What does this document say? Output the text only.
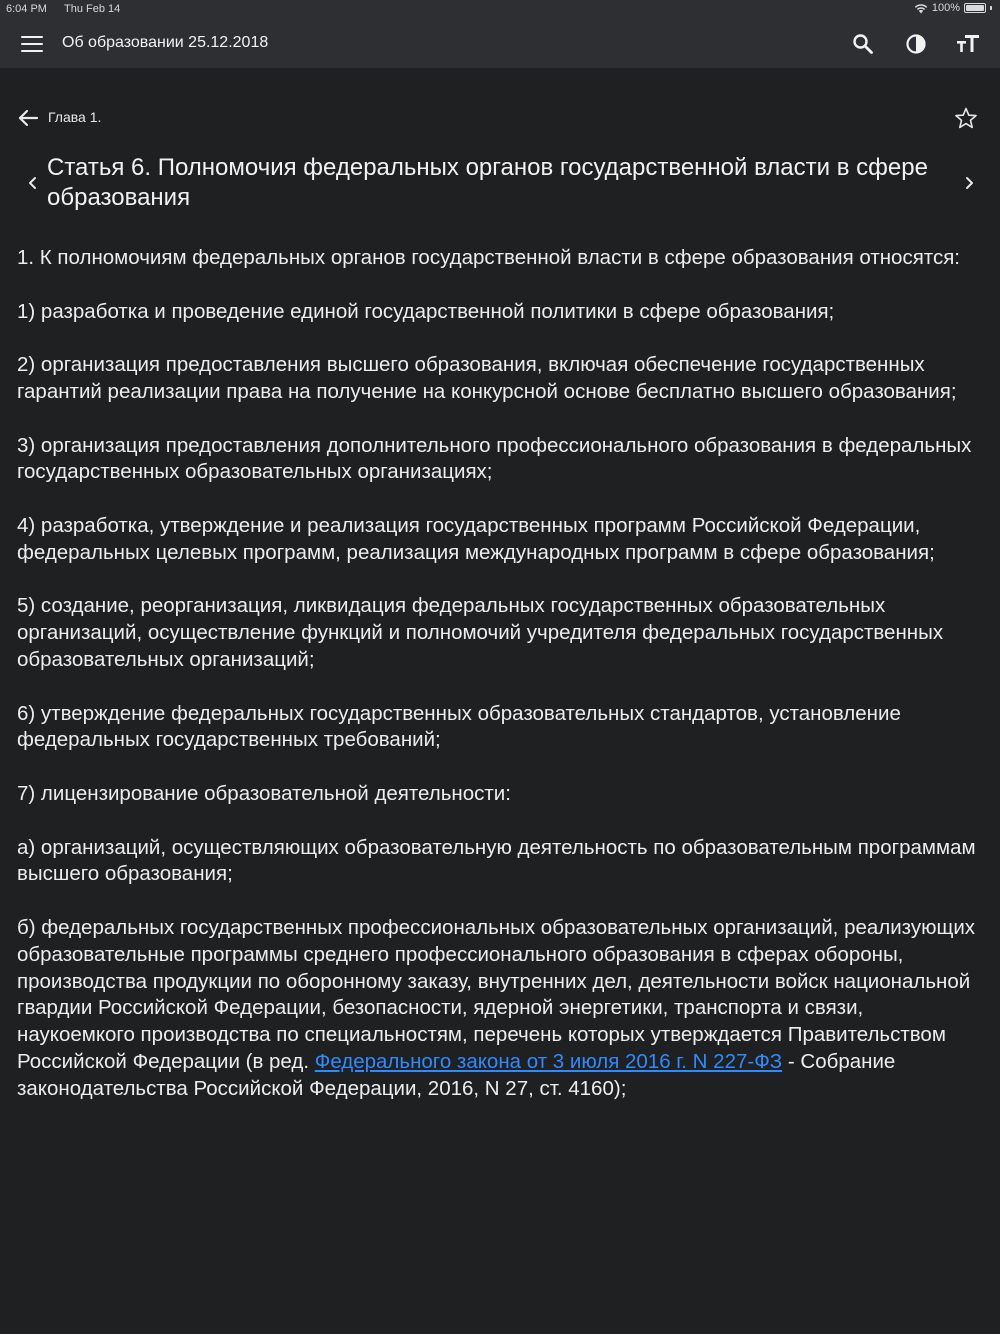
6:04 PM Thu Feb 14	100%
Об образовании 25.12.2018
Глава 1.
Статья 6. Полномочия федеральных органов государственной власти в сфере образования

1. К полномочиям федеральных органов государственной власти в сфере образования относятся:

1) разработка и проведение единой государственной политики в сфере образования;

2) организация предоставления высшего образования, включая обеспечение государственных гарантий реализации права на получение на конкурсной основе бесплатно высшего образования;

3) организация предоставления дополнительного профессионального образования в федеральных государственных образовательных организациях;

4) разработка, утверждение и реализация государственных программ Российской Федерации, федеральных целевых программ, реализация международных программ в сфере образования;

5) создание, реорганизация, ликвидация федеральных государственных образовательных организаций, осуществление функций и полномочий учредителя федеральных государственных образовательных организаций;

6) утверждение федеральных государственных образовательных стандартов, установление федеральных государственных требований;

7) лицензирование образовательной деятельности:

а) организаций, осуществляющих образовательную деятельность по образовательным программам высшего образования;

б) федеральных государственных профессиональных образовательных организаций, реализующих образовательные программы среднего профессионального образования в сферах обороны, производства продукции по оборонному заказу, внутренних дел, деятельности войск национальной гвардии Российской Федерации, безопасности, ядерной энергетики, транспорта и связи, наукоемкого производства по специальностям, перечень которых утверждается Правительством Российской Федерации (в ред. Федерального закона от 3 июля 2016 г. N 227-ФЗ - Собрание законодательства Российской Федерации, 2016, N 27, ст. 4160);
